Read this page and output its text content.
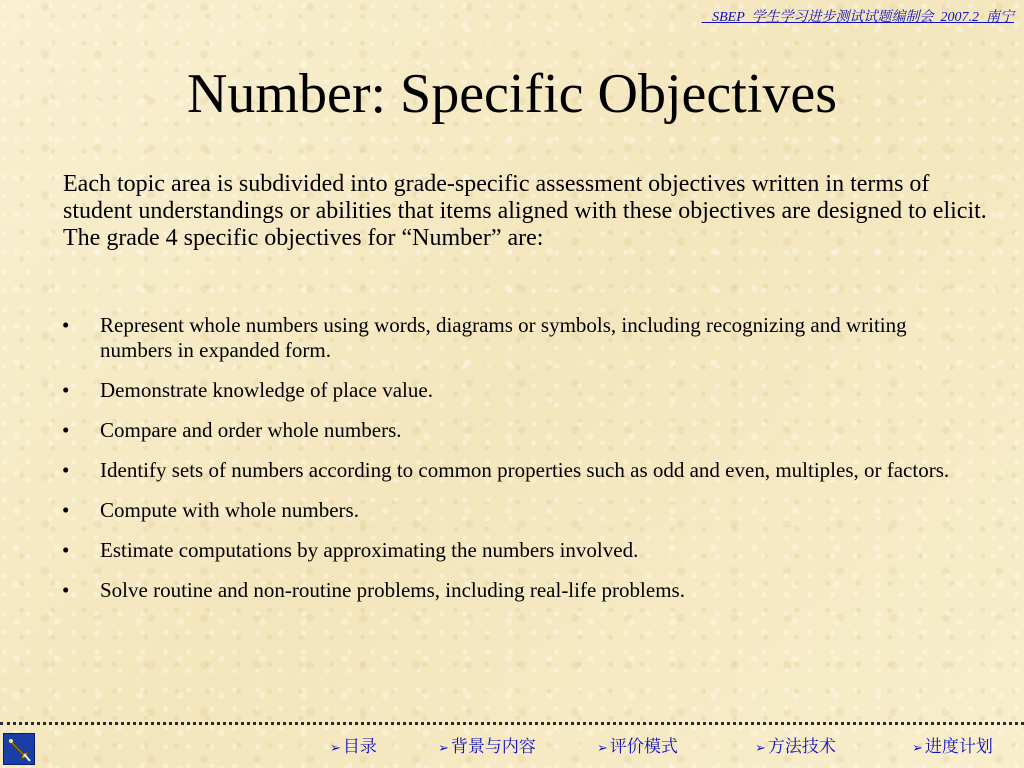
SBEP  学生学习进步测试试题编制会  2007.2  南宁
Number: Specific Objectives

Each topic area is subdivided into grade-specific assessment objectives written in terms of student understandings or abilities that items aligned with these objectives are designed to elicit. The grade 4 specific objectives for “Number” are:

• Represent whole numbers using words, diagrams or symbols, including recognizing and writing numbers in expanded form.
• Demonstrate knowledge of place value.
• Compare and order whole numbers.
• Identify sets of numbers according to common properties such as odd and even, multiples, or factors.
• Compute with whole numbers.
• Estimate computations by approximating the numbers involved.
• Solve routine and non-routine problems, including real-life problems.
➢ 目录	➢ 背景与内容	➢ 评价模式	➢ 方法技术	➢ 进度计划
